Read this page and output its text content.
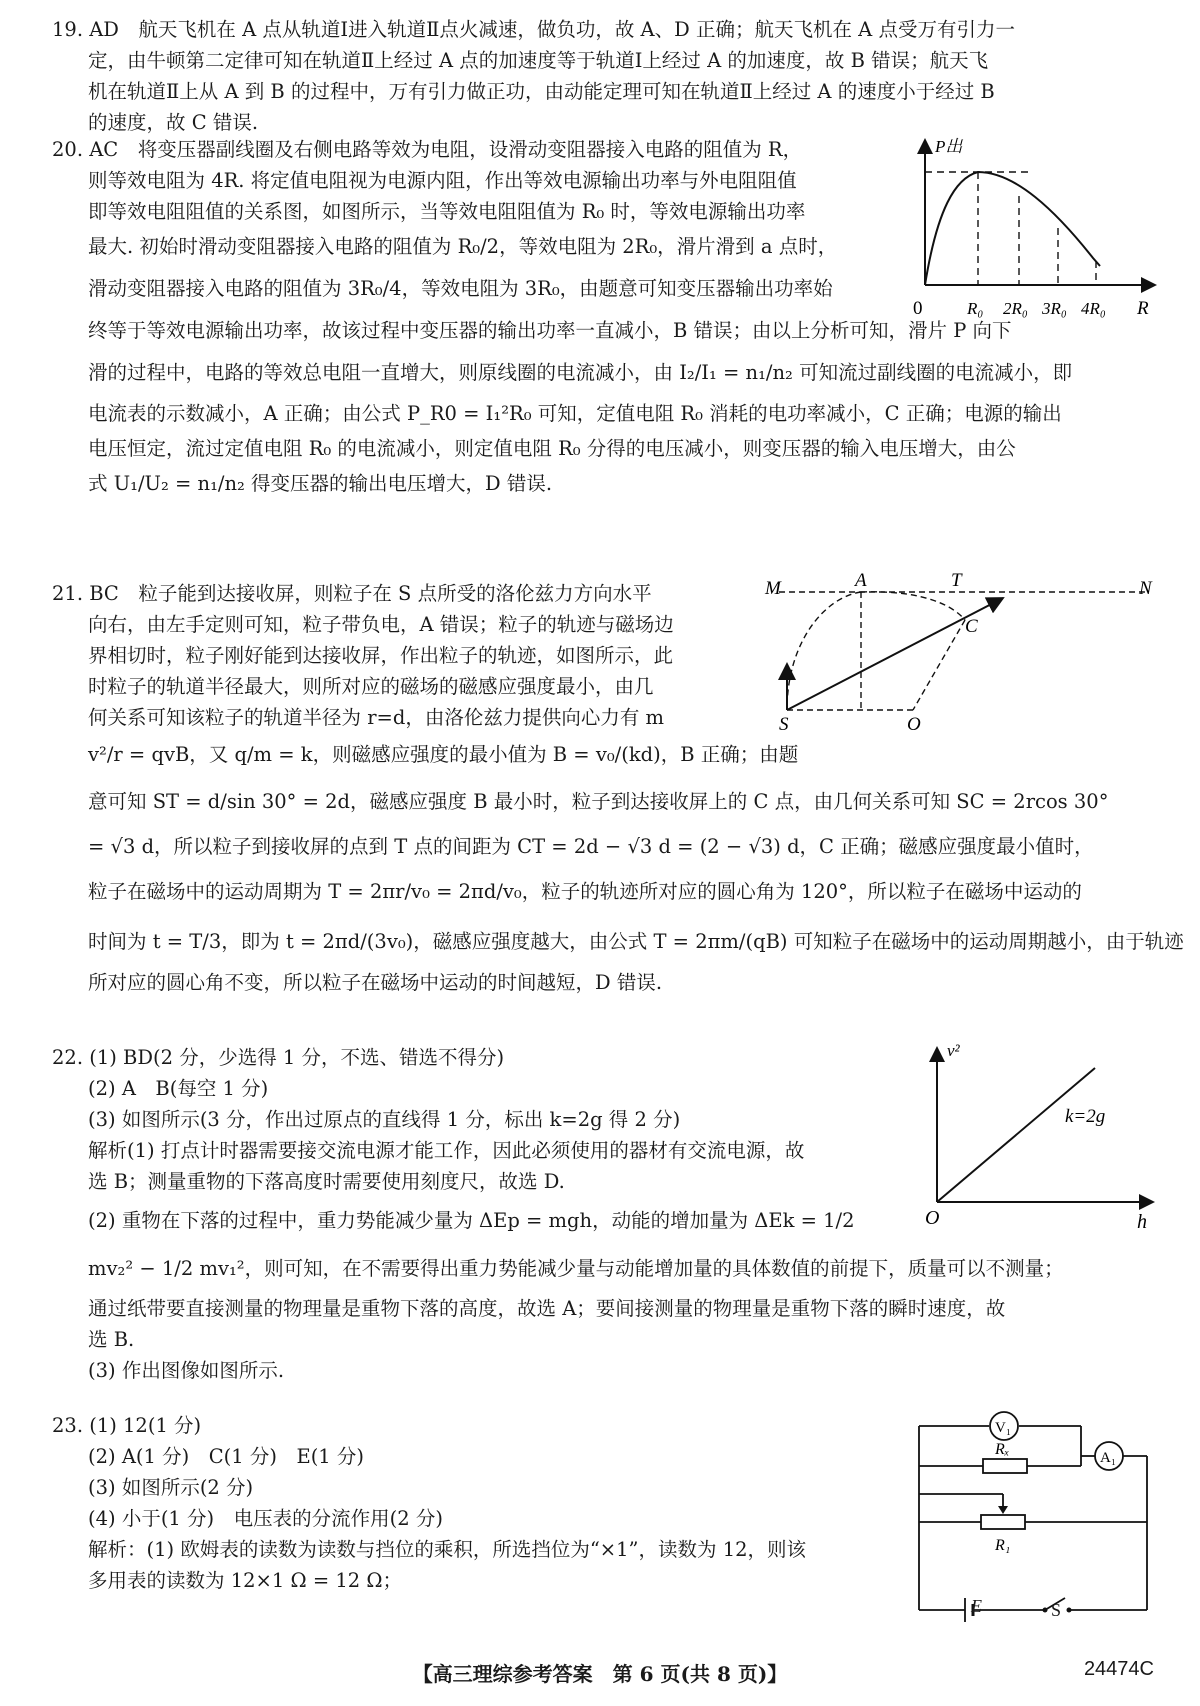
19. AD　航天飞机在 A 点从轨道Ⅰ进入轨道Ⅱ点火减速，做负功，故 A、D 正确；航天飞机在 A 点受万有引力一
定，由牛顿第二定律可知在轨道Ⅱ上经过 A 点的加速度等于轨道Ⅰ上经过 A 的加速度，故 B 错误；航天飞
机在轨道Ⅱ上从 A 到 B 的过程中，万有引力做正功，由动能定理可知在轨道Ⅱ上经过 A 的速度小于经过 B
的速度，故 C 错误.
20. AC　将变压器副线圈及右侧电路等效为电阻，设滑动变阻器接入电路的阻值为 R，
则等效电阻为 4R. 将定值电阻视为电源内阻，作出等效电源输出功率与外电阻阻值
即等效电阻阻值的关系图，如图所示，当等效电阻阻值为 R₀ 时，等效电源输出功率
最大. 初始时滑动变阻器接入电路的阻值为 R₀/2，等效电阻为 2R₀，滑片滑到 a 点时，
滑动变阻器接入电路的阻值为 3R₀/4，等效电阻为 3R₀，由题意可知变压器输出功率始
终等于等效电源输出功率，故该过程中变压器的输出功率一直减小，B 错误；由以上分析可知，滑片 P 向下
滑的过程中，电路的等效总电阻一直增大，则原线圈的电流减小，由 I₂/I₁ = n₁/n₂ 可知流过副线圈的电流减小，即
电流表的示数减小，A 正确；由公式 P_R0 = I₁²R₀ 可知，定值电阻 R₀ 消耗的电功率减小，C 正确；电源的输出
电压恒定，流过定值电阻 R₀ 的电流减小，则定值电阻 R₀ 分得的电压减小，则变压器的输入电压增大，由公
式 U₁/U₂ = n₁/n₂ 得变压器的输出电压增大，D 错误.
P出
R
0	R₀ 2R₀ 3R₀ 4R₀
21. BC　粒子能到达接收屏，则粒子在 S 点所受的洛伦兹力方向水平
向右，由左手定则可知，粒子带负电，A 错误；粒子的轨迹与磁场边
界相切时，粒子刚好能到达接收屏，作出粒子的轨迹，如图所示，此
时粒子的轨道半径最大，则所对应的磁场的磁感应强度最小，由几
何关系可知该粒子的轨道半径为 r=d，由洛伦兹力提供向心力有 m
v²/r = qvB，又 q/m = k，则磁感应强度的最小值为 B = v₀/(kd)，B 正确；由题
意可知 ST = d/sin 30° = 2d，磁感应强度 B 最小时，粒子到达接收屏上的 C 点，由几何关系可知 SC = 2rcos 30°
= √3 d，所以粒子到接收屏的点到 T 点的间距为 CT = 2d − √3 d = (2 − √3) d，C 正确；磁感应强度最小值时，
粒子在磁场中的运动周期为 T = 2πr/v₀ = 2πd/v₀，粒子的轨迹所对应的圆心角为 120°，所以粒子在磁场中运动的
时间为 t = T/3，即为 t = 2πd/(3v₀)，磁感应强度越大，由公式 T = 2πm/(qB) 可知粒子在磁场中的运动周期越小，由于轨迹
所对应的圆心角不变，所以粒子在磁场中运动的时间越短，D 错误.
M	A	T	N
C
S	O
22. (1) BD(2 分，少选得 1 分，不选、错选不得分)
(2) A　B(每空 1 分)
(3) 如图所示(3 分，作出过原点的直线得 1 分，标出 k=2g 得 2 分)
解析(1) 打点计时器需要接交流电源才能工作，因此必须使用的器材有交流电源，故
选 B；测量重物的下落高度时需要使用刻度尺，故选 D.
(2) 重物在下落的过程中，重力势能减少量为 ΔEp = mgh，动能的增加量为 ΔEk = 1/2
mv₂² − 1/2 mv₁²，则可知，在不需要得出重力势能减少量与动能增加量的具体数值的前提下，质量可以不测量；
通过纸带要直接测量的物理量是重物下落的高度，故选 A；要间接测量的物理量是重物下落的瞬时速度，故
选 B.
(3) 作出图像如图所示.
v²
h
O
k=2g
23. (1) 12(1 分)
(2) A(1 分)　C(1 分)　E(1 分)
(3) 如图所示(2 分)
(4) 小于(1 分)　电压表的分流作用(2 分)
解析：(1) 欧姆表的读数为读数与挡位的乘积，所选挡位为“×1”，读数为 12，则该
多用表的读数为 12×1 Ω = 12 Ω；
V₁
A₁
Rₓ
R₁
E	S
【高三理综参考答案　第 6 页(共 8 页)】	24474C
